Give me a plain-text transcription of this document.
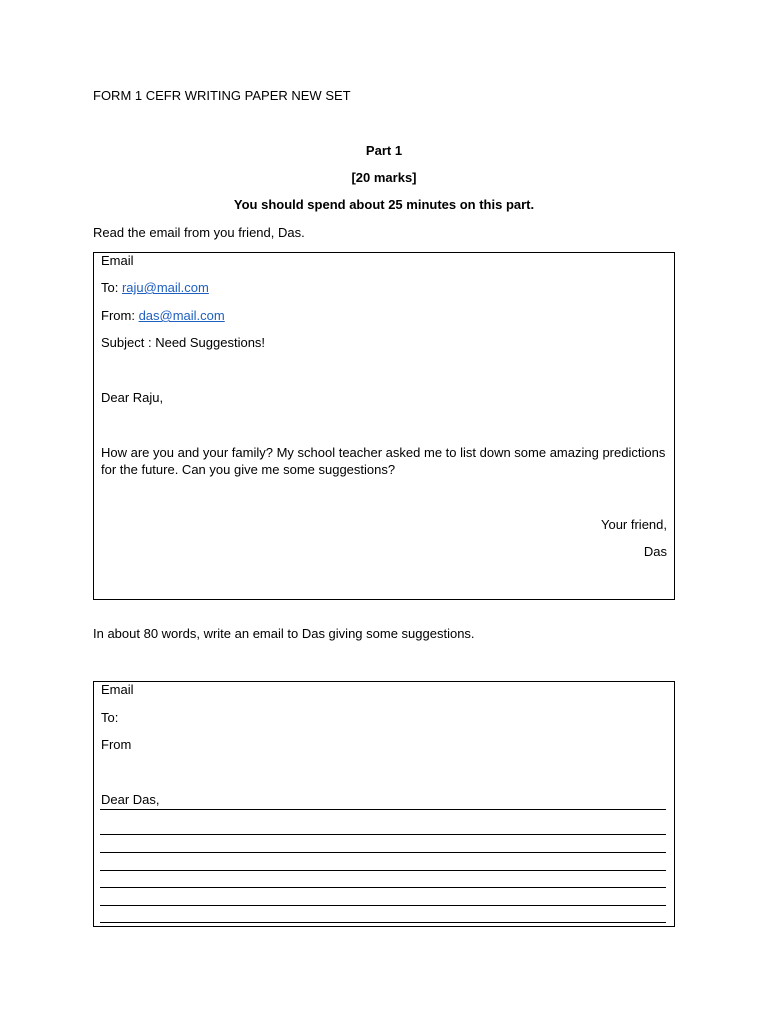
FORM 1 CEFR WRITING PAPER NEW SET
Part 1
[20 marks]
You should spend about 25 minutes on this part.
Read the email from you friend, Das.
Email
To: raju@mail.com
From: das@mail.com
Subject : Need Suggestions!
Dear Raju,
How are you and your family? My school teacher asked me to list down some amazing predictions
for the future. Can you give me some suggestions?
Your friend,
Das
In about 80 words, write an email to Das giving some suggestions.
Email
To:
From
Dear Das,
